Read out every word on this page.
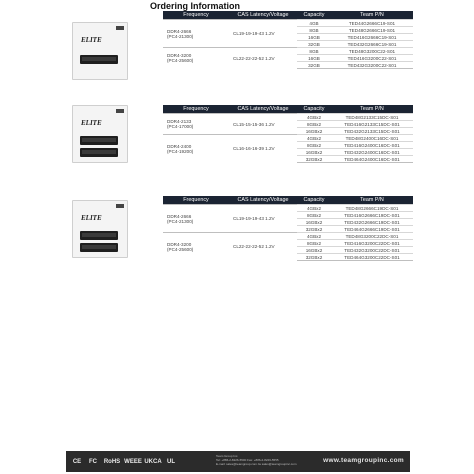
Ordering Information
ELITE
Frequency	CAS Latency/Voltage	Capacity	Team P/N
DDR4-2666
(PC4-21300)	CL19-19-19-43 1.2V	4GB	TED44G2666C19-S01
		8GB	TED48G2666C19-S01
		16GB	TED416G2666C19-S01
		32GB	TED432G2666C19-S01
DDR4-3200
(PC4-25600)	CL22-22-22-52 1.2V	8GB	TED48G3200C22-S01
		16GB	TED416G3200C22-S01
		32GB	TED432G3200C22-S01
ELITE
Frequency	CAS Latency/Voltage	Capacity	Team P/N
DDR4-2133
(PC4-17000)	CL15-15-15-36 1.2V	4GBx2	TED48G2133C15DC-S01
		8GBx2	TED416G2133C15DC-S01
		16GBx2	TED432G2133C15DC-S01
DDR4-2400
(PC4-19200)	CL16-16-16-39 1.2V	4GBx2	TED48G2400C16DC-S01
		8GBx2	TED416G2400C16DC-S01
		16GBx2	TED432G2400C16DC-S01
		32GBx2	TED464G2400C16DC-S01
ELITE
Frequency	CAS Latency/Voltage	Capacity	Team P/N
DDR4-2666
(PC4-21300)	CL19-19-19-43 1.2V	4GBx2	TED48G2666C19DC-S01
		8GBx2	TED416G2666C19DC-S01
		16GBx2	TED432G2666C19DC-S01
		32GBx2	TED464G2666C19DC-S01
DDR4-3200
(PC4-25600)	CL22-22-22-52 1.2V	4GBx2	TED48G3200C22DC-S01
		8GBx2	TED416G3200C22DC-S01
		16GBx2	TED432G3200C22DC-S01
		32GBx2	TED464G3200C22DC-S01
CE	FC	RoHS WEEE UKCA UL
Team Group Inc.
Tel: +886-2-8226-5500 Fax: +886-2-8226-5555
E-mail: sales@teamgroup.com.tw sales@teamgroupinc.com	www.teamgroupinc.com
